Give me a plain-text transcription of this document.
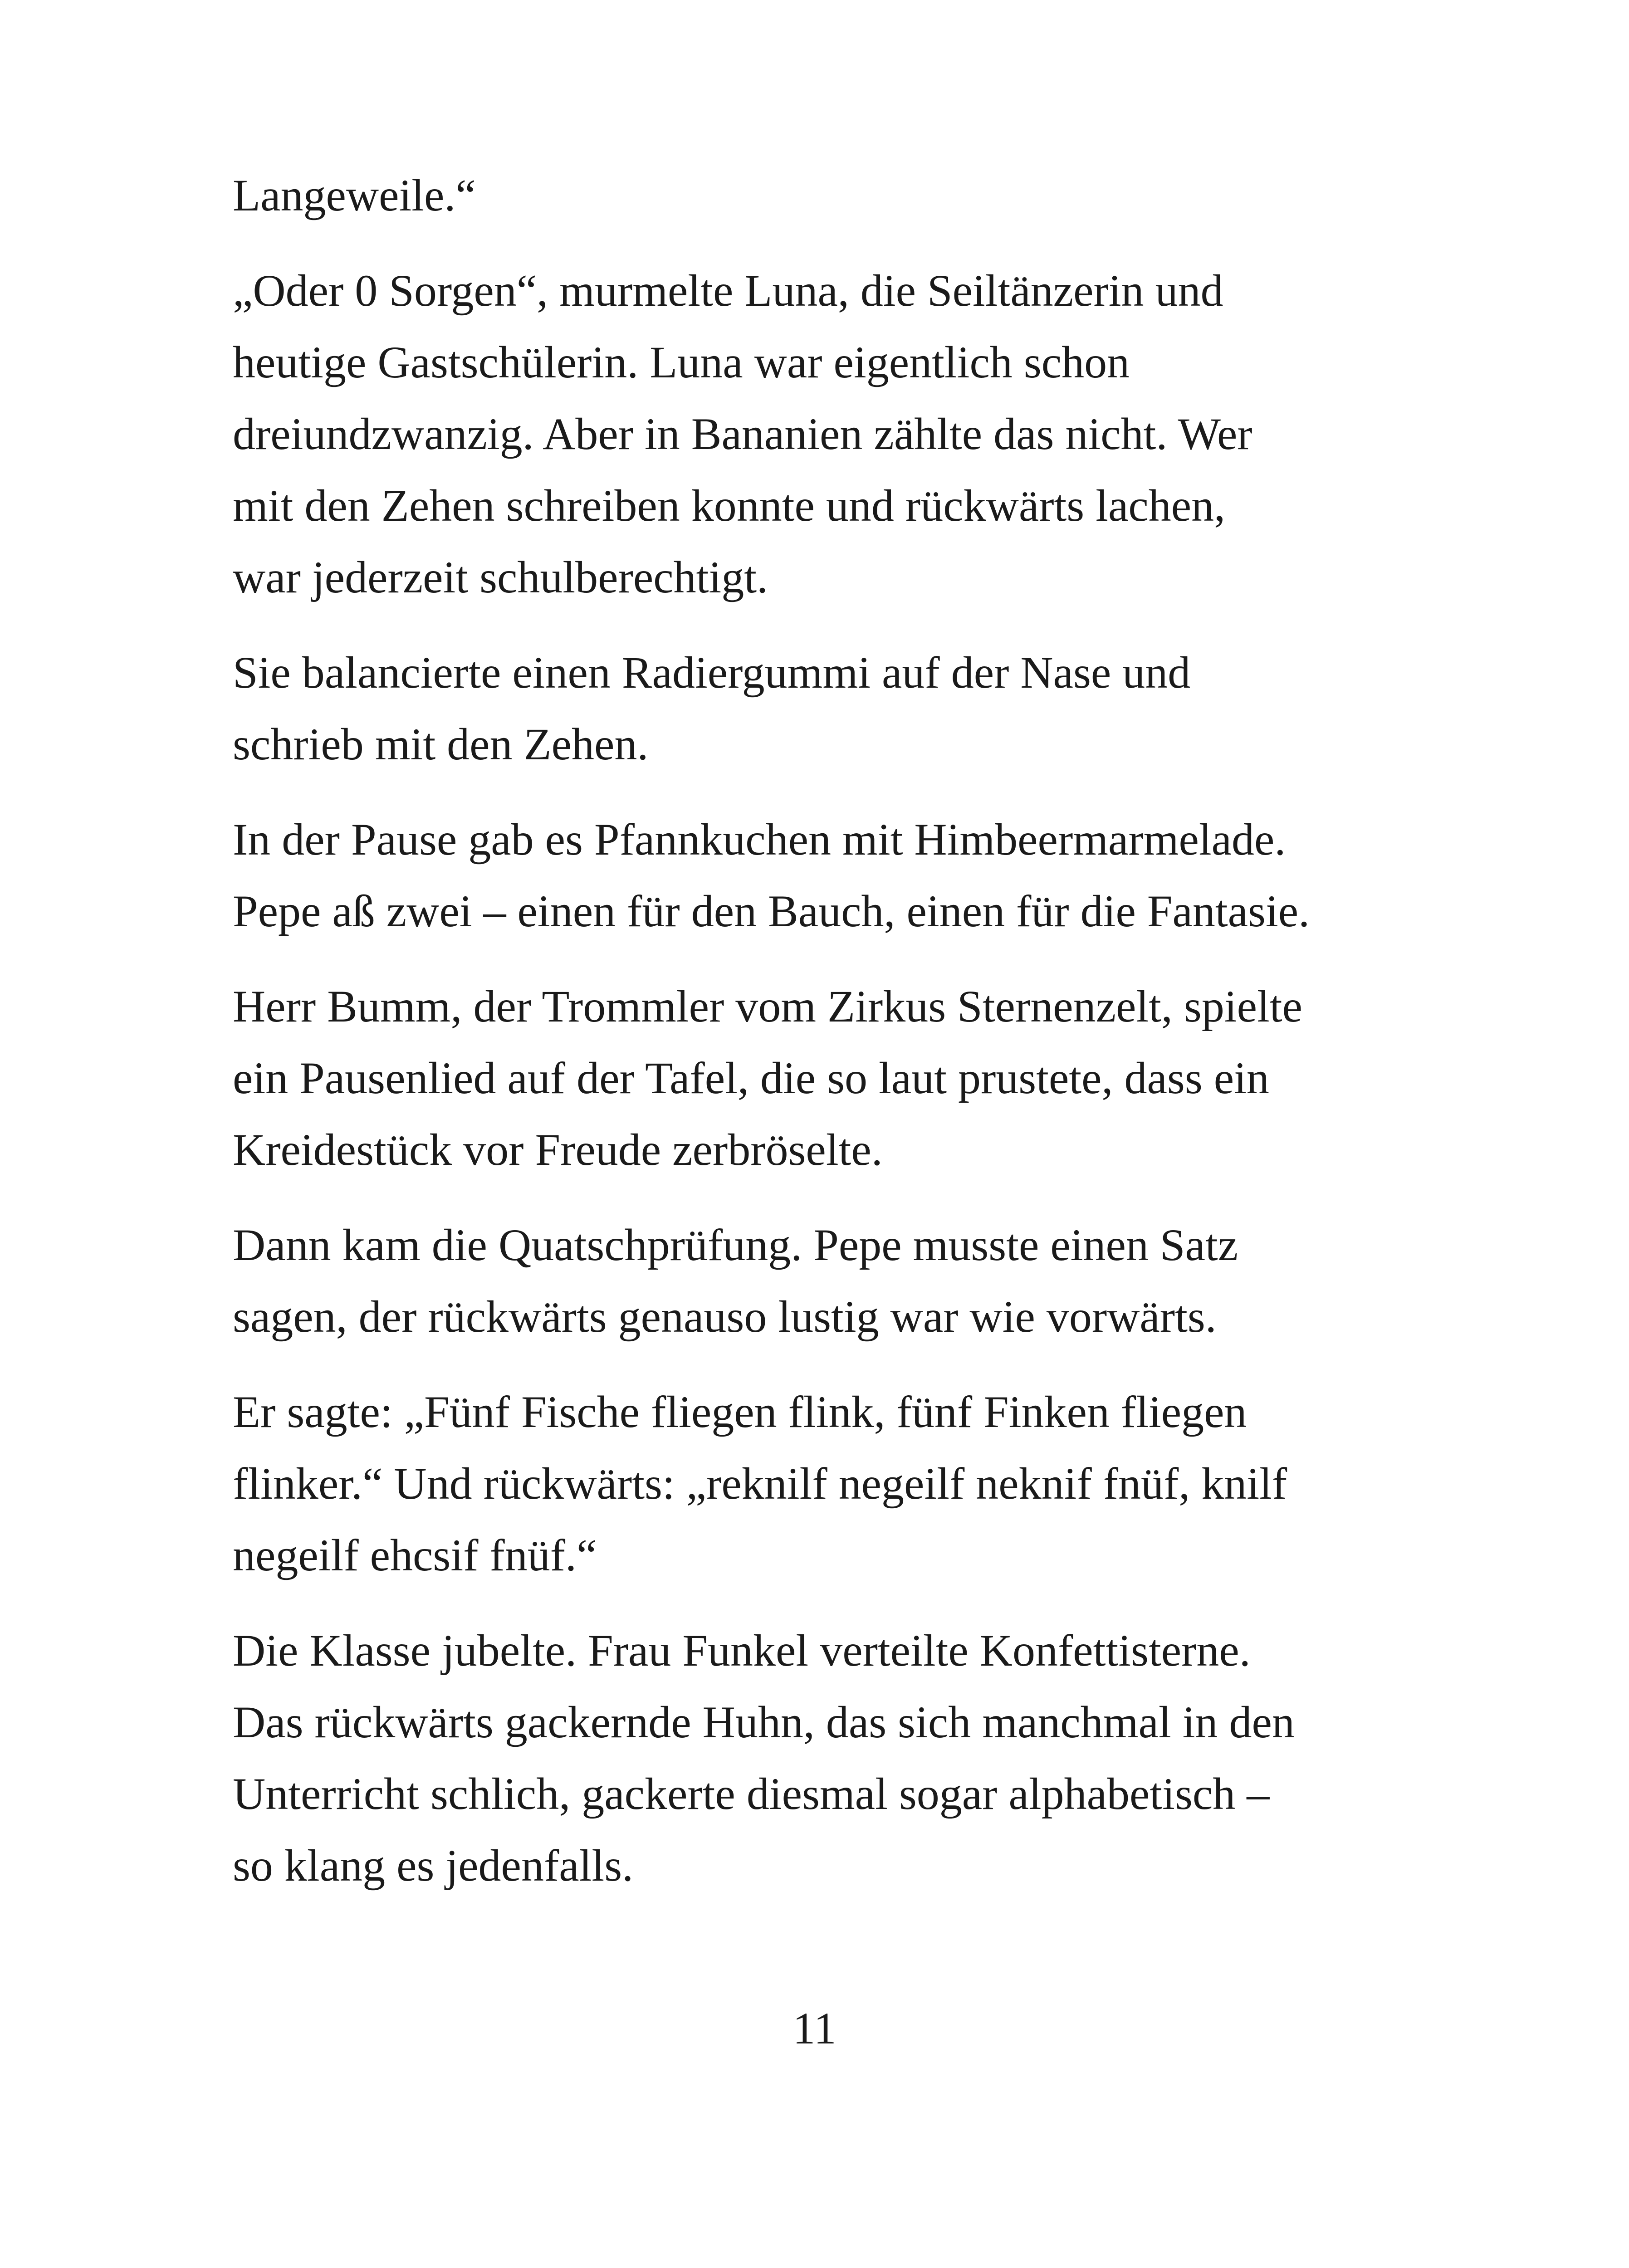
Langeweile.“

„Oder 0 Sorgen“, murmelte Luna, die Seiltänzerin und
heutige Gastschülerin. Luna war eigentlich schon
dreiundzwanzig. Aber in Bananien zählte das nicht. Wer
mit den Zehen schreiben konnte und rückwärts lachen,
war jederzeit schulberechtigt.

Sie balancierte einen Radiergummi auf der Nase und
schrieb mit den Zehen.

In der Pause gab es Pfannkuchen mit Himbeermarmelade.
Pepe aß zwei – einen für den Bauch, einen für die Fantasie.

Herr Bumm, der Trommler vom Zirkus Sternenzelt, spielte
ein Pausenlied auf der Tafel, die so laut prustete, dass ein
Kreidestück vor Freude zerbröselte.

Dann kam die Quatschprüfung. Pepe musste einen Satz
sagen, der rückwärts genauso lustig war wie vorwärts.

Er sagte: „Fünf Fische fliegen flink, fünf Finken fliegen
flinker.“ Und rückwärts: „reknilf negeilf neknif fnüf, knilf
negeilf ehcsif fnüf.“

Die Klasse jubelte. Frau Funkel verteilte Konfettisterne.
Das rückwärts gackernde Huhn, das sich manchmal in den
Unterricht schlich, gackerte diesmal sogar alphabetisch –
so klang es jedenfalls.

11
